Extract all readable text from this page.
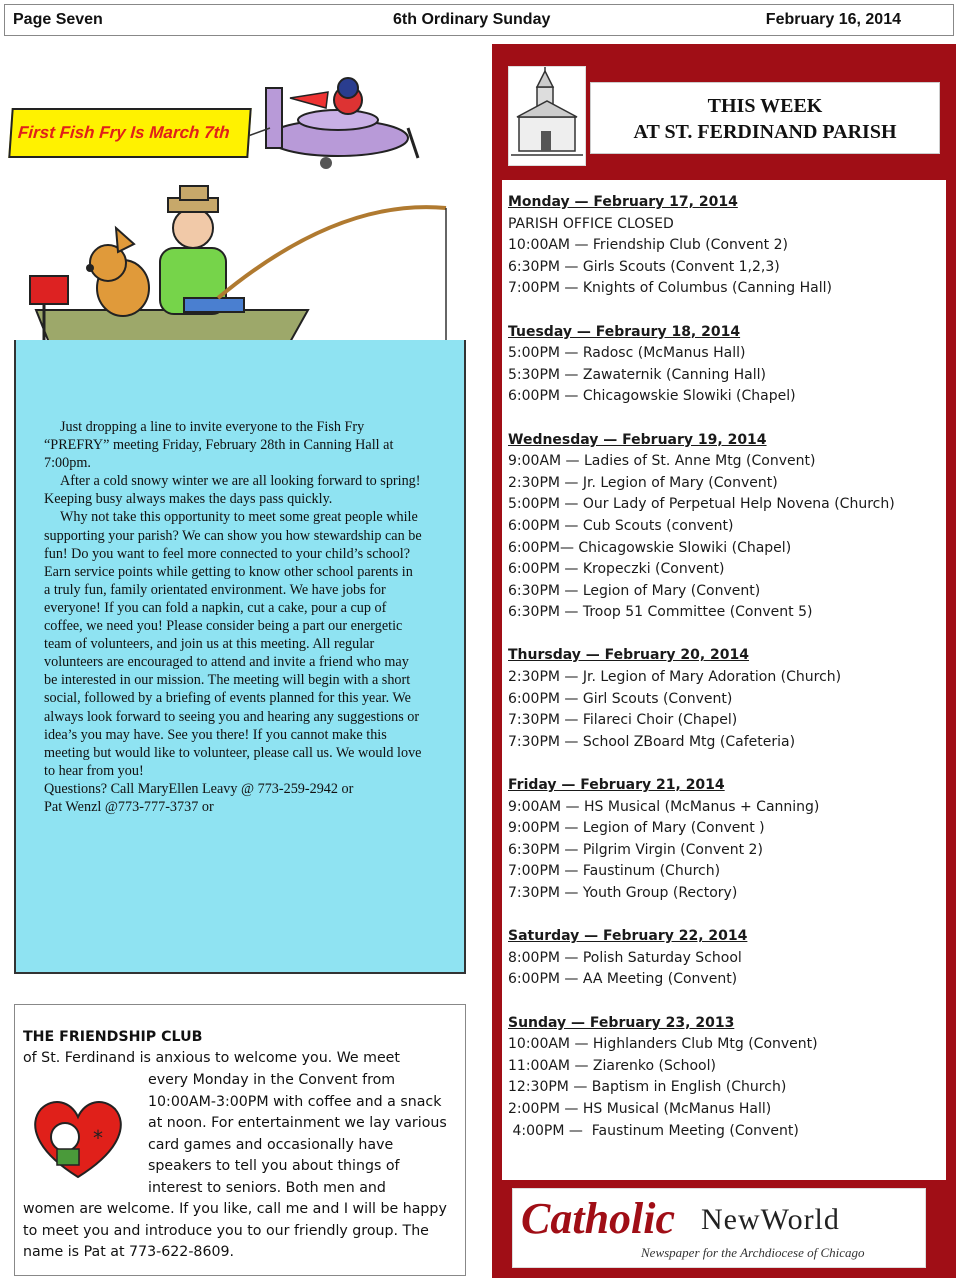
Page Seven	6th Ordinary Sunday	February 16, 2014
First Fish Fry Is March 7th
Just dropping a line to invite everyone to the Fish Fry “PREFRY” meeting Friday, February 28th in Canning Hall at 7:00pm.
After a cold snowy winter we are all looking forward to spring! Keeping busy always makes the days pass quickly.
Why not take this opportunity to meet some great people while supporting your parish? We can show you how stewardship can be fun! Do you want to feel more connected to your child’s school? Earn service points while getting to know other school parents in a truly fun, family orientated environment. We have jobs for everyone! If you can fold a napkin, cut a cake, pour a cup of coffee, we need you! Please consider being a part our energetic team of volunteers, and join us at this meeting. All regular volunteers are encouraged to attend and invite a friend who may be interested in our mission. The meeting will begin with a short social, followed by a briefing of events planned for this year. We always look forward to seeing you and hearing any suggestions or idea’s you may have. See you there! If you cannot make this meeting but would like to volunteer, please call us. We would love to hear from you!
Questions? Call MaryEllen Leavy @ 773-259-2942 or
Pat Wenzl @773-777-3737 or
THE FRIENDSHIP CLUB
of St. Ferdinand is anxious to welcome you. We meet
*
every Monday in the Convent from 10:00AM-3:00PM with coffee and a snack at noon. For entertainment we lay various card games and occasionally have speakers to tell you about things of interest to seniors. Both men and
women are welcome. If you like, call me and I will be happy to meet you and introduce you to our friendly group. The name is Pat at 773-622-8609.
THIS WEEK
AT ST. FERDINAND PARISH
Monday — February 17, 2014
PARISH OFFICE CLOSED
10:00AM — Friendship Club (Convent 2)
6:30PM — Girls Scouts (Convent 1,2,3)
7:00PM — Knights of Columbus (Canning Hall)
Tuesday — Febraury 18, 2014
5:00PM — Radosc (McManus Hall)
5:30PM — Zawaternik (Canning Hall)
6:00PM — Chicagowskie Slowiki (Chapel)
Wednesday — February 19, 2014
9:00AM — Ladies of St. Anne Mtg (Convent)
2:30PM — Jr. Legion of Mary (Convent)
5:00PM — Our Lady of Perpetual Help Novena (Church)
6:00PM — Cub Scouts (convent)
6:00PM— Chicagowskie Slowiki (Chapel)
6:00PM — Kropeczki (Convent)
6:30PM — Legion of Mary (Convent)
6:30PM — Troop 51 Committee (Convent 5)
Thursday — February 20, 2014
2:30PM — Jr. Legion of Mary Adoration (Church)
6:00PM — Girl Scouts (Convent)
7:30PM — Filareci Choir (Chapel)
7:30PM — School ZBoard Mtg (Cafeteria)
Friday — February 21, 2014
9:00AM — HS Musical (McManus + Canning)
9:00PM — Legion of Mary (Convent )
6:30PM — Pilgrim Virgin (Convent 2)
7:00PM — Faustinum (Church)
7:30PM — Youth Group (Rectory)
Saturday — February 22, 2014
8:00PM — Polish Saturday School
6:00PM — AA Meeting (Convent)
Sunday — February 23, 2013
10:00AM — Highlanders Club Mtg (Convent)
11:00AM — Ziarenko (School)
12:30PM — Baptism in English (Church)
2:00PM — HS Musical (McManus Hall)
4:00PM —  Faustinum Meeting (Convent)
Catholic NewWorld
Newspaper for the Archdiocese of Chicago
